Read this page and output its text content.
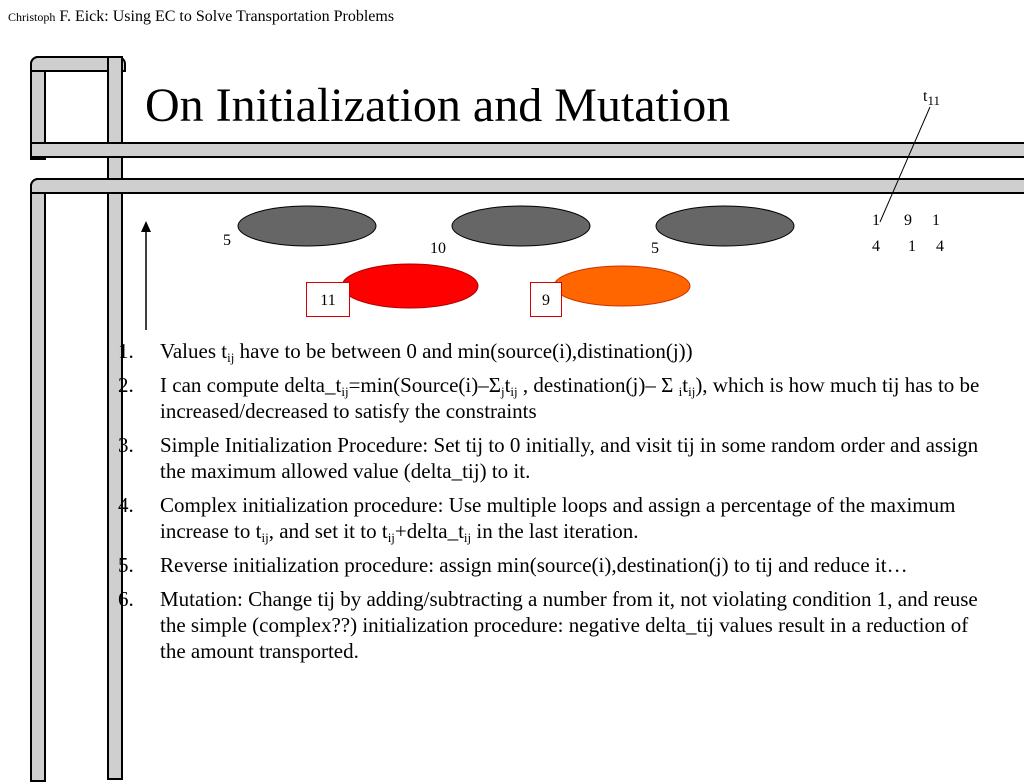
Christoph F. Eick: Using EC to Solve Transportation Problems
On Initialization and Mutation	$t_{11}$
5	10	5
11	9
1      9     1
4       1     4
1. Values $t_{ij}$ have to be between 0 and min(source(i),distination(j))
2. I can compute $delta\_t_{ij}=\min(Source(i)-\Sigma_jt_{ij}$ , destination(j)– Σ $_it_{ij}$), which is how much tij has to be increased/decreased to satisfy the constraints
3. Simple Initialization Procedure: Set tij to 0 initially, and visit tij in some random order and assign the maximum allowed value (delta_tij) to it.
4. Complex initialization procedure: Use multiple loops and assign a percentage of the maximum increase to $t_{ij}$, and set it to $t_{ij}+delta\_t_{ij}$ in the last iteration.
5. Reverse initialization procedure: assign min(source(i),destination(j) to tij and reduce it…
6. Mutation: Change tij by adding/subtracting a number from it, not violating condition 1, and reuse the simple (complex??) initialization procedure: negative delta_tij values result in a reduction of the amount transported.
